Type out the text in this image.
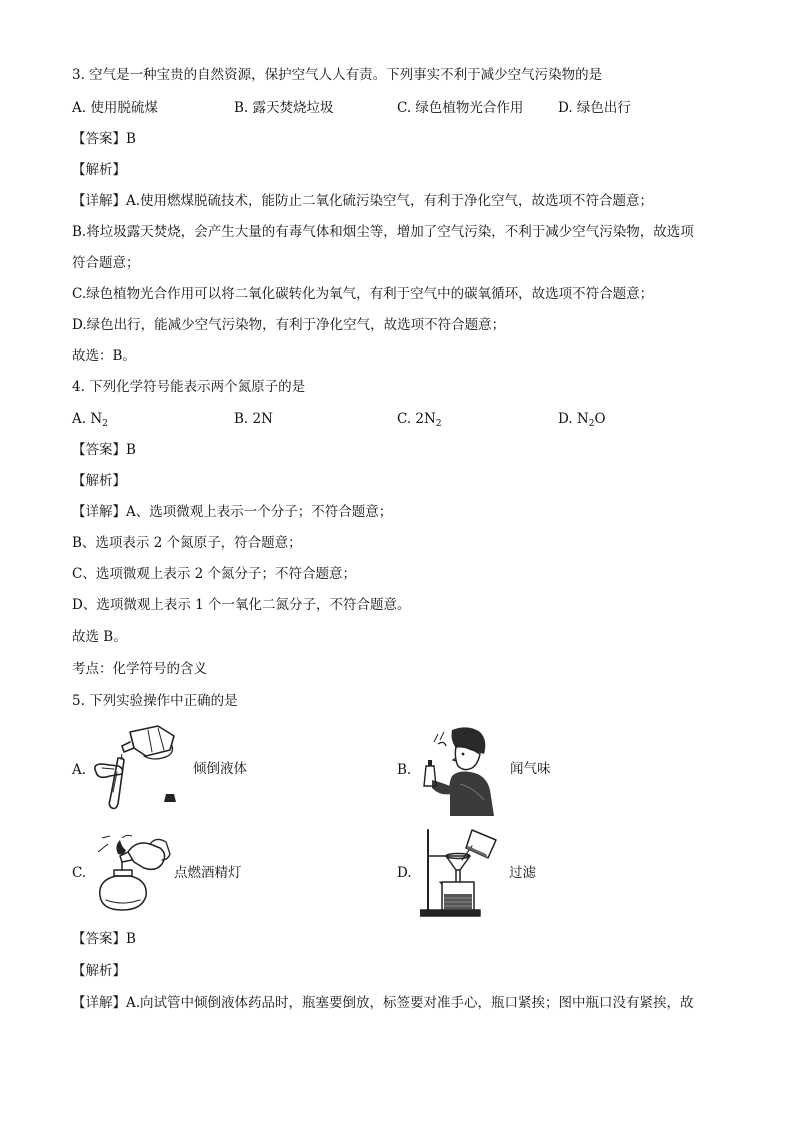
3. 空气是一种宝贵的自然资源，保护空气人人有责。下列事实不利于减少空气污染物的是
A. 使用脱硫煤	B. 露天焚烧垃圾	C. 绿色植物光合作用	D. 绿色出行
【答案】B
【解析】
【详解】A.使用燃煤脱硫技术，能防止二氧化硫污染空气，有利于净化空气，故选项不符合题意；
B.将垃圾露天焚烧，会产生大量的有毒气体和烟尘等，增加了空气污染，不利于减少空气污染物，故选项
符合题意；
C.绿色植物光合作用可以将二氧化碳转化为氧气，有利于空气中的碳氧循环，故选项不符合题意；
D.绿色出行，能减少空气污染物，有利于净化空气，故选项不符合题意；
故选：B。
4. 下列化学符号能表示两个氮原子的是
A. $N_2$	B. 2N	C. $2N_2$	D. $N_2O$
【答案】B
【解析】
【详解】A、选项微观上表示一个分子；不符合题意；
B、选项表示 2 个氮原子，符合题意；
C、选项微观上表示 2 个氮分子；不符合题意；
D、选项微观上表示 1 个一氧化二氮分子，不符合题意。
故选 B。
考点：化学符号的含义
5. 下列实验操作中正确的是
A.	倾倒液体	B.	闻气味
C.	点燃酒精灯	D.	过滤
【答案】B
【解析】
【详解】A.向试管中倾倒液体药品时，瓶塞要倒放，标签要对准手心，瓶口紧挨；图中瓶口没有紧挨，故
